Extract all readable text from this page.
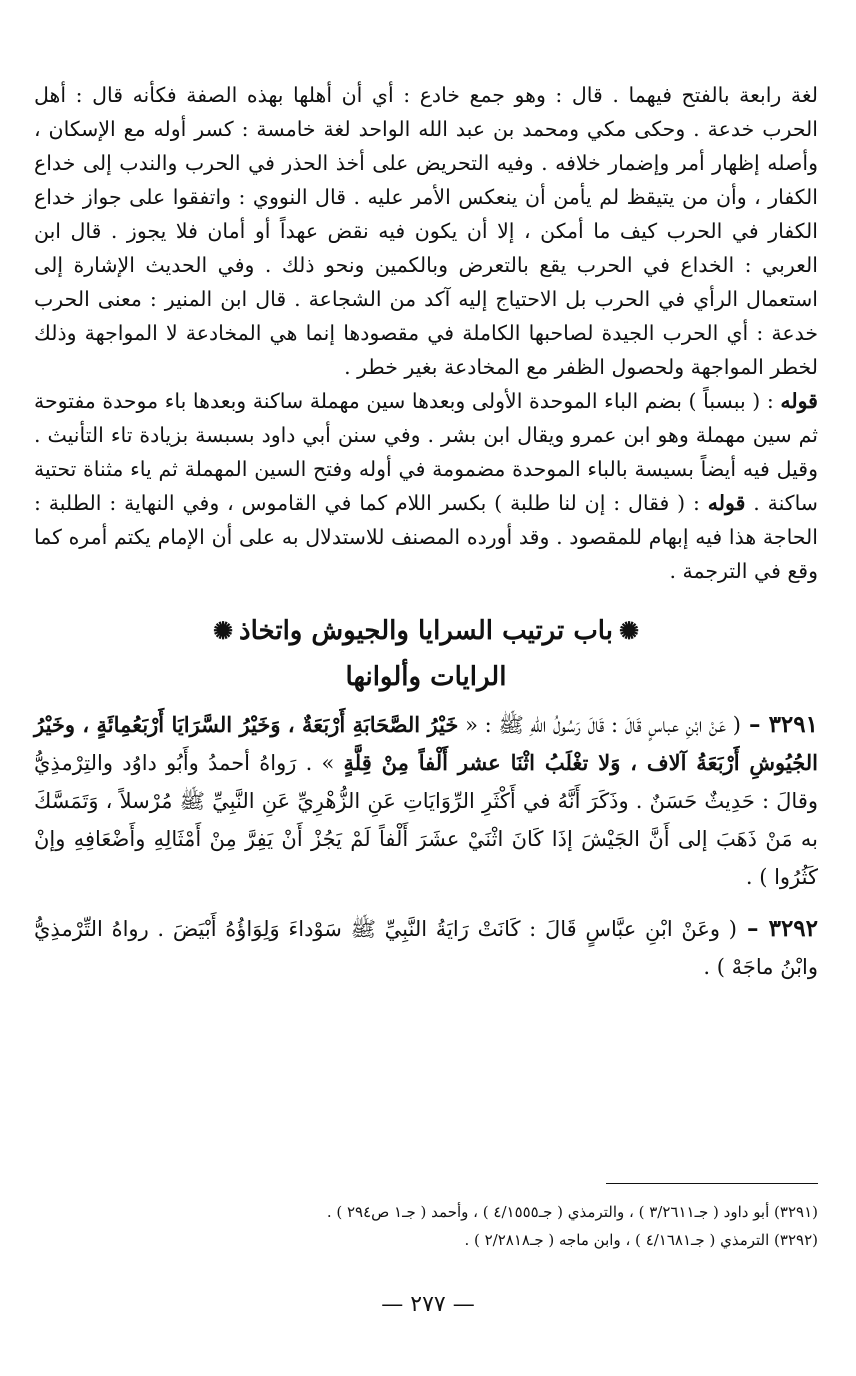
لغة رابعة بالفتح فيهما . قال : وهو جمع خادع : أي أن أهلها بهذه الصفة فكأنه قال : أهل الحرب خدعة . وحكى مكي ومحمد بن عبد الله الواحد لغة خامسة : كسر أوله مع الإسكان ، وأصله إظهار أمر وإضمار خلافه . وفيه التحريض على أخذ الحذر في الحرب والندب إلى خداع الكفار ، وأن من يتيقظ لم يأمن أن ينعكس الأمر عليه . قال النووي : واتفقوا على جواز خداع الكفار في الحرب كيف ما أمكن ، إلا أن يكون فيه نقض عهداً أو أمان فلا يجوز . قال ابن العربي : الخداع في الحرب يقع بالتعرض وبالكمين ونحو ذلك . وفي الحديث الإشارة إلى استعمال الرأي في الحرب بل الاحتياج إليه آكد من الشجاعة . قال ابن المنير : معنى الحرب خدعة : أي الحرب الجيدة لصاحبها الكاملة في مقصودها إنما هي المخادعة لا المواجهة وذلك لخطر المواجهة ولحصول الظفر مع المخادعة بغير خطر .

قوله : ( ببسباً ) بضم الباء الموحدة الأولى وبعدها سين مهملة ساكنة وبعدها باء موحدة مفتوحة ثم سين مهملة وهو ابن عمرو ويقال ابن بشر . وفي سنن أبي داود بسبسة بزيادة تاء التأنيث . وقيل فيه أيضاً بسيسة بالباء الموحدة مضمومة في أوله وفتح السين المهملة ثم ياء مثناة تحتية ساكنة . قوله : ( فقال : إن لنا طلبة ) بكسر اللام كما في القاموس ، وفي النهاية : الطلبة : الحاجة هذا فيه إبهام للمقصود . وقد أورده المصنف للاستدلال به على أن الإمام يكتم أمره كما وقع في الترجمة .

✺باب ترتيب السرايا والجيوش واتخاذ✺
الرايات وألوانها

٣٢٩١ – ( عَنْ ابْنِ عباسٍ قَالَ : قَالَ رَسُولُ اللهِ ﷺ : « خَيْرُ الصَّحَابَةِ أَرْبَعَةٌ ، وَخَيْرُ السَّرَايَا أَرْبَعُمِائَةٍ ، وخَيْرُ الجُيُوشِ أَرْبَعَةُ آلاف ، وَلا تغْلَبُ اثْنَا عشر أَلْفاً مِنْ قِلَّةٍ » . رَواهُ أحمدُ وأَبُو داوُد والتِرْمذِيُّ وقالَ : حَدِيثٌ حَسَنٌ . وذَكَرَ أَنَّهُ في أَكْثَرِ الرِّوَايَاتِ عَنِ الزُّهْرِيِّ عَنِ النَّبِيِّ ﷺ مُرْسلاً ، وَتَمَسَّكَ به مَنْ ذَهَبَ إلى أَنَّ الجَيْشَ إذَا كَانَ اثْنَيْ عشَرَ أَلْفاً لَمْ يَجُزْ أَنْ يَفِرَّ مِنْ أَمْثَالِهِ وأَضْعَافِهِ وإنْ كَثُرُوا ) .

٣٢٩٢ – ( وعَنْ ابْنِ عبَّاسٍ قَالَ : كَانَتْ رَايَةُ النَّبِيِّ ﷺ سَوْداءَ وَلِوَاؤُهُ أَبْيَضَ . رواهُ التِّرْمذِيُّ وابْنُ ماجَهْ ) .

(٣٢٩١) أبو داود ( جـ٣/٢٦١١ ) ، والترمذي ( جـ٤/١٥٥٥ ) ، وأحمد ( جـ١ ص٢٩٤ ) .

(٣٢٩٢) الترمذي ( جـ٤/١٦٨١ ) ، وابن ماجه ( جـ٢/٢٨١٨ ) .

— ٢٧٧ —
